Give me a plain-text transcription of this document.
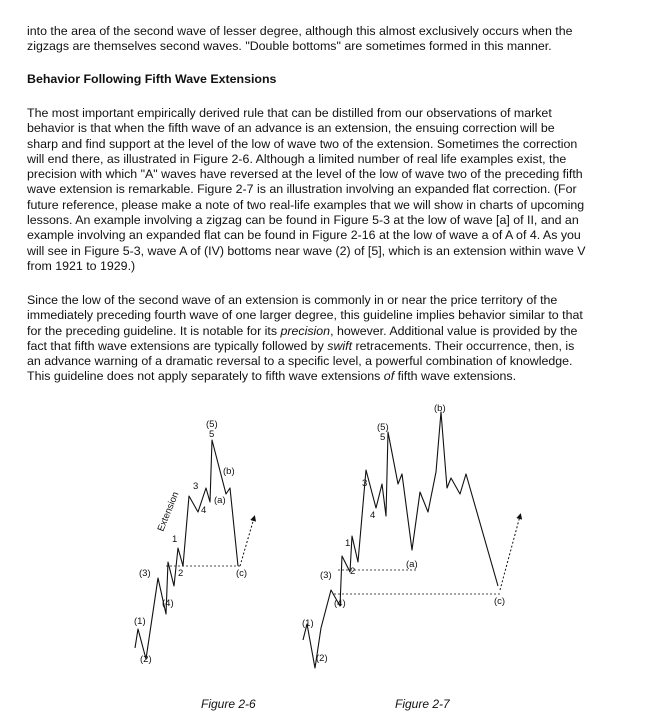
into the area of the second wave of lesser degree, although this almost exclusively occurs when the
zigzags are themselves second waves. "Double bottoms" are sometimes formed in this manner.

Behavior Following Fifth Wave Extensions

The most important empirically derived rule that can be distilled from our observations of market
behavior is that when the fifth wave of an advance is an extension, the ensuing correction will be
sharp and find support at the level of the low of wave two of the extension. Sometimes the correction
will end there, as illustrated in Figure 2-6. Although a limited number of real life examples exist, the
precision with which "A" waves have reversed at the level of the low of wave two of the preceding fifth
wave extension is remarkable. Figure 2-7 is an illustration involving an expanded flat correction. (For
future reference, please make a note of two real-life examples that we will show in charts of upcoming
lessons. An example involving a zigzag can be found in Figure 5-3 at the low of wave [a] of II, and an
example involving an expanded flat can be found in Figure 2-16 at the low of wave a of A of 4. As you
will see in Figure 5-3, wave A of (IV) bottoms near wave (2) of [5], which is an extension within wave V
from 1921 to 1929.)

Since the low of the second wave of an extension is commonly in or near the price territory of the
immediately preceding fourth wave of one larger degree, this guideline implies behavior similar to that
for the preceding guideline. It is notable for its precision, however. Additional value is provided by the
fact that fifth wave extensions are typically followed by swift retracements. Their occurrence, then, is
an advance warning of a dramatic reversal to a specific level, a powerful combination of knowledge.
This guideline does not apply separately to fifth wave extensions of fifth wave extensions.

(1)
(2)
(3)
(4)
(5)
1
2
3
4
5
(a)
(b)
(c)
Extension
Figure 2-6
(1)
(2)
(3)
(4)
(5)
1
2
3
4
5
(a)
(b)
(c)
Figure 2-7
